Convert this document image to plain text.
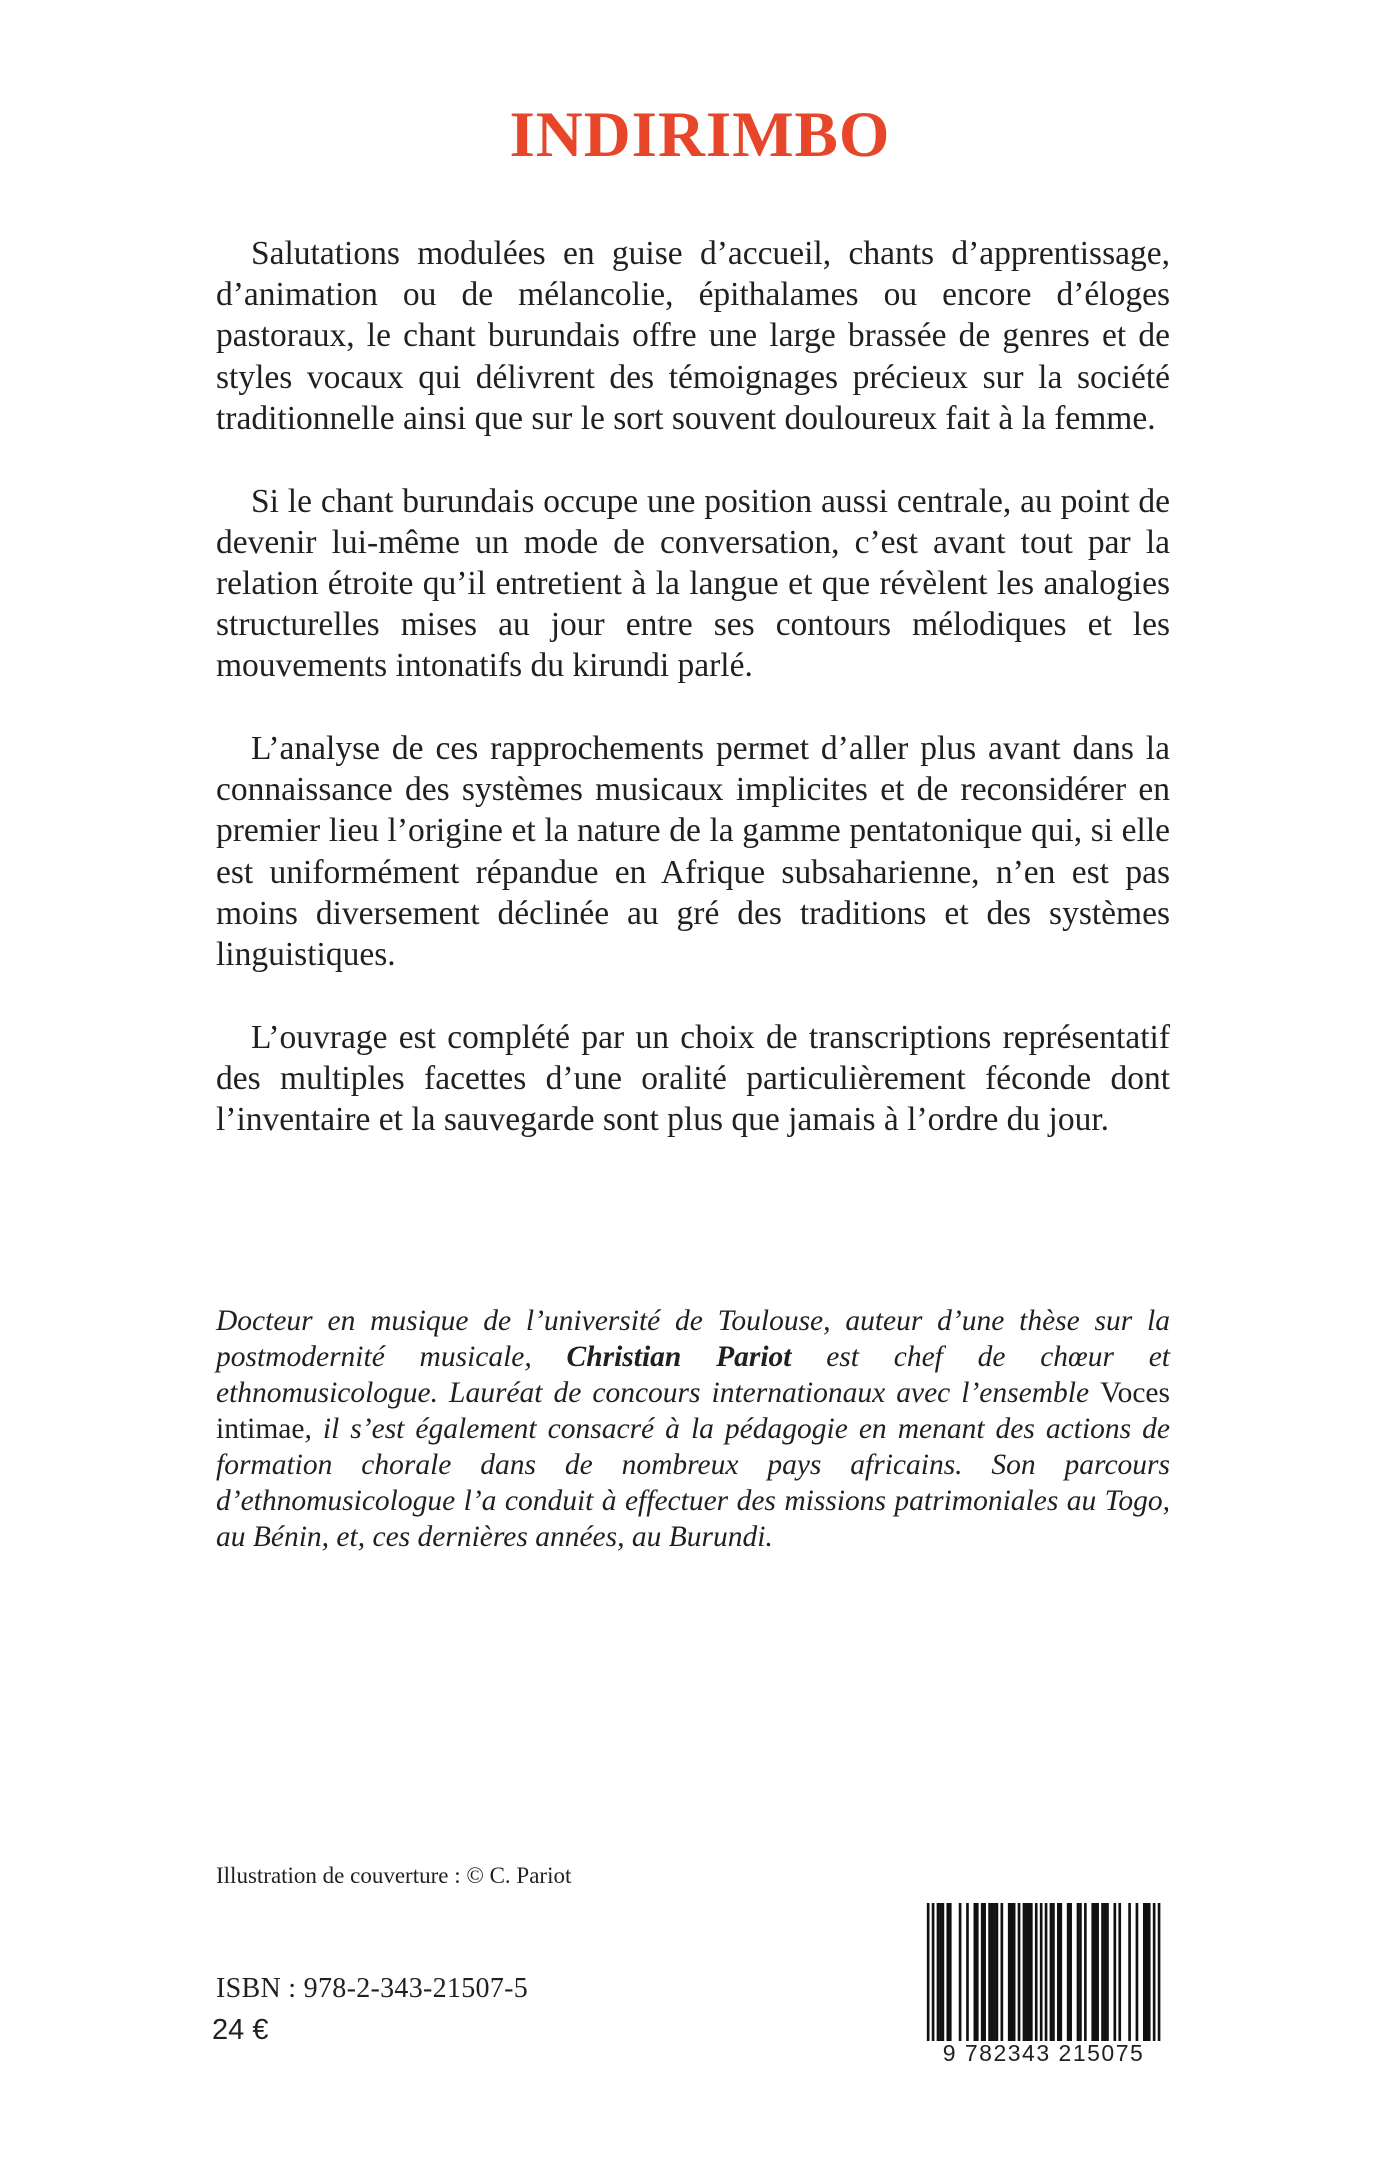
INDIRIMBO

Salutations modulées en guise d’accueil, chants d’apprentissage, d’animation ou de mélancolie, épithalames ou encore d’éloges pastoraux, le chant burundais offre une large brassée de genres et de styles vocaux qui délivrent des témoignages précieux sur la société traditionnelle ainsi que sur le sort souvent douloureux fait à la femme.

Si le chant burundais occupe une position aussi centrale, au point de devenir lui-même un mode de conversation, c’est avant tout par la relation étroite qu’il entretient à la langue et que révèlent les analogies structurelles mises au jour entre ses contours mélodiques et les mouvements intonatifs du kirundi parlé.

L’analyse de ces rapprochements permet d’aller plus avant dans la connaissance des systèmes musicaux implicites et de reconsidérer en premier lieu l’origine et la nature de la gamme pentatonique qui, si elle est uniformément répandue en Afrique subsaharienne, n’en est pas moins diversement déclinée au gré des traditions et des systèmes linguistiques.

L’ouvrage est complété par un choix de transcriptions représentatif des multiples facettes d’une oralité particulièrement féconde dont l’inventaire et la sauvegarde sont plus que jamais à l’ordre du jour.

Docteur en musique de l’université de Toulouse, auteur d’une thèse sur la postmodernité musicale, Christian Pariot est chef de chœur et ethnomusicologue. Lauréat de concours internationaux avec l’ensemble Voces intimae, il s’est également consacré à la pédagogie en menant des actions de formation chorale dans de nombreux pays africains. Son parcours d’ethnomusicologue l’a conduit à effectuer des missions patrimoniales au Togo, au Bénin, et, ces dernières années, au Burundi.

Illustration de couverture : © C. Pariot

ISBN : 978-2-343-21507-5

24 €

9 782343 215075
